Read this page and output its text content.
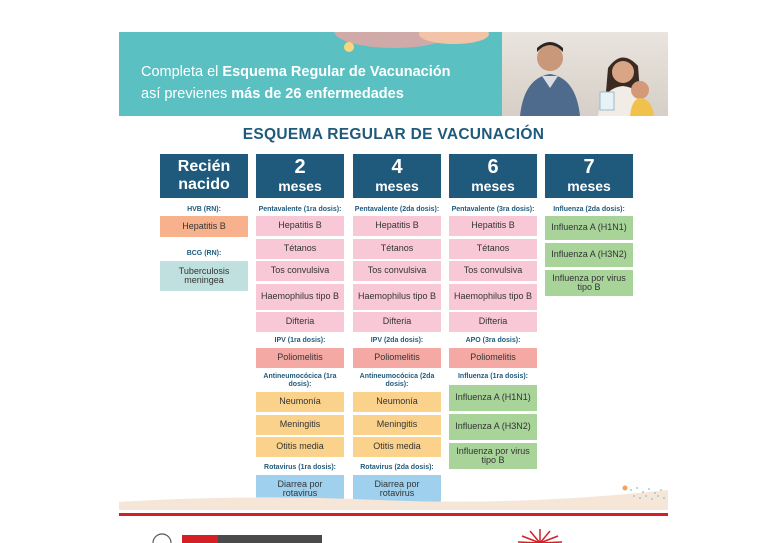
Completa el Esquema Regular de Vacunación
así previenes más de 26 enfermedades
ESQUEMA REGULAR DE VACUNACIÓN
Recién
nacido
HVB (RN):
Hepatitis B
BCG (RN):
Tuberculosis meningea
2
meses
Pentavalente (1ra dosis):
Hepatitis B
Tétanos
Tos convulsiva
Haemophilus tipo B
Difteria
IPV (1ra dosis):
Poliomelitis
Antineumocócica (1ra dosis):
Neumonía
Meningitis
Otitis media
Rotavirus (1ra dosis):
Diarrea por rotavirus
4
meses
Pentavalente (2da dosis):
Hepatitis B
Tétanos
Tos convulsiva
Haemophilus tipo B
Difteria
IPV (2da dosis):
Poliomelitis
Antineumocócica (2da dosis):
Neumonía
Meningitis
Otitis media
Rotavirus (2da dosis):
Diarrea por rotavirus
6
meses
Pentavalente (3ra dosis):
Hepatitis B
Tétanos
Tos convulsiva
Haemophilus tipo B
Difteria
APO (3ra dosis):
Poliomelitis
Influenza (1ra dosis):
Influenza A (H1N1)
Influenza A (H3N2)
Influenza por virus tipo B
7
meses
Influenza (2da dosis):
Influenza A (H1N1)
Influenza A (H3N2)
Influenza por virus tipo B
